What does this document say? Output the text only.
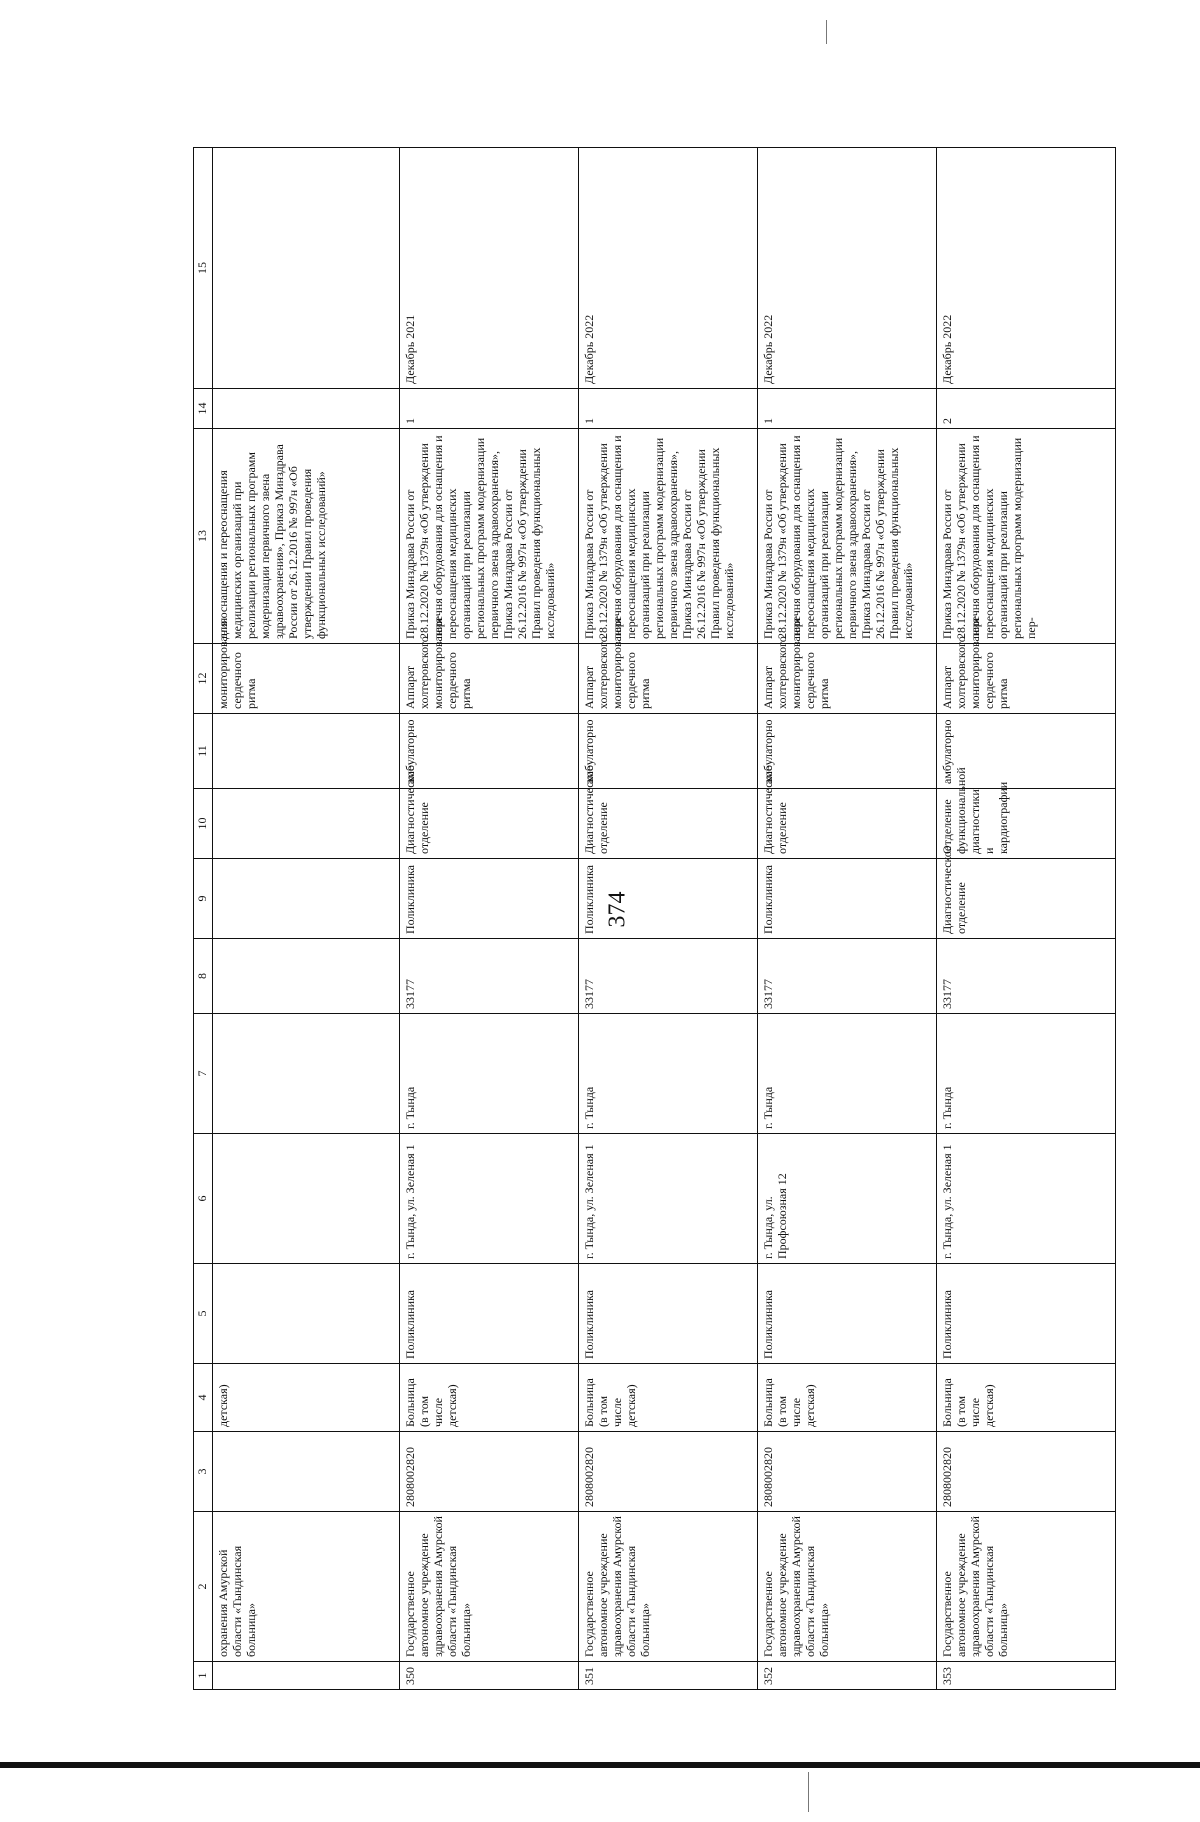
374
1	2	3	4	5	6	7	8	9	10	11	12	13	14	15
	охранения Амурской области «Тындинская больница»		детская)								мониторирования сердечного ритма	для оснащения и переоснащения медицинских организаций при реализации региональных программ модернизации первичного звена здравоохранения», Приказ Минздрава России от 26.12.2016 № 997н «Об утверждении Правил проведения функциональных исследований»		
350	Государственное автономное учреждение здравоохранения Амурской области «Тындинская больница»	2808002820	Больница (в том числе детская)	Поликлиника	г. Тында, ул. Зеленая 1	г. Тында	33177	Поликлиника	Диагностическое отделение	амбулаторно	Аппарат холтеровского мониторирования сердечного ритма	Приказ Минздрава России от 28.12.2020 № 1379н «Об утверждении перечня оборудования для оснащения и переоснащения медицинских организаций при реализации региональных программ модернизации первичного звена здравоохранения», Приказ Минздрава России от 26.12.2016 № 997н «Об утверждении Правил проведения функциональных исследований»	1	Декабрь 2021
351	Государственное автономное учреждение здравоохранения Амурской области «Тындинская больница»	2808002820	Больница (в том числе детская)	Поликлиника	г. Тында, ул. Зеленая 1	г. Тында	33177	Поликлиника	Диагностическое отделение	амбулаторно	Аппарат холтеровского мониторирования сердечного ритма	Приказ Минздрава России от 28.12.2020 № 1379н «Об утверждении перечня оборудования для оснащения и переоснащения медицинских организаций при реализации региональных программ модернизации первичного звена здравоохранения», Приказ Минздрава России от 26.12.2016 № 997н «Об утверждении Правил проведения функциональных исследований»	1	Декабрь 2022
352	Государственное автономное учреждение здравоохранения Амурской области «Тындинская больница»	2808002820	Больница (в том числе детская)	Поликлиника	г. Тында, ул. Профсоюзная 12	г. Тында	33177	Поликлиника	Диагностическое отделение	амбулаторно	Аппарат холтеровского мониторирования сердечного ритма	Приказ Минздрава России от 28.12.2020 № 1379н «Об утверждении перечня оборудования для оснащения и переоснащения медицинских организаций при реализации региональных программ модернизации первичного звена здравоохранения», Приказ Минздрава России от 26.12.2016 № 997н «Об утверждении Правил проведения функциональных исследований»	1	Декабрь 2022
353	Государственное автономное учреждение здравоохранения Амурской области «Тындинская больница»	2808002820	Больница (в том числе детская)	Поликлиника	г. Тында, ул. Зеленая 1	г. Тында	33177	Диагностическое отделение	Отделение функциональной диагностики и кардиографии	амбулаторно	Аппарат холтеровского мониторирования сердечного ритма	Приказ Минздрава России от 28.12.2020 № 1379н «Об утверждении перечня оборудования для оснащения и переоснащения медицинских организаций при реализации региональных программ модернизации пер-	2	Декабрь 2022
